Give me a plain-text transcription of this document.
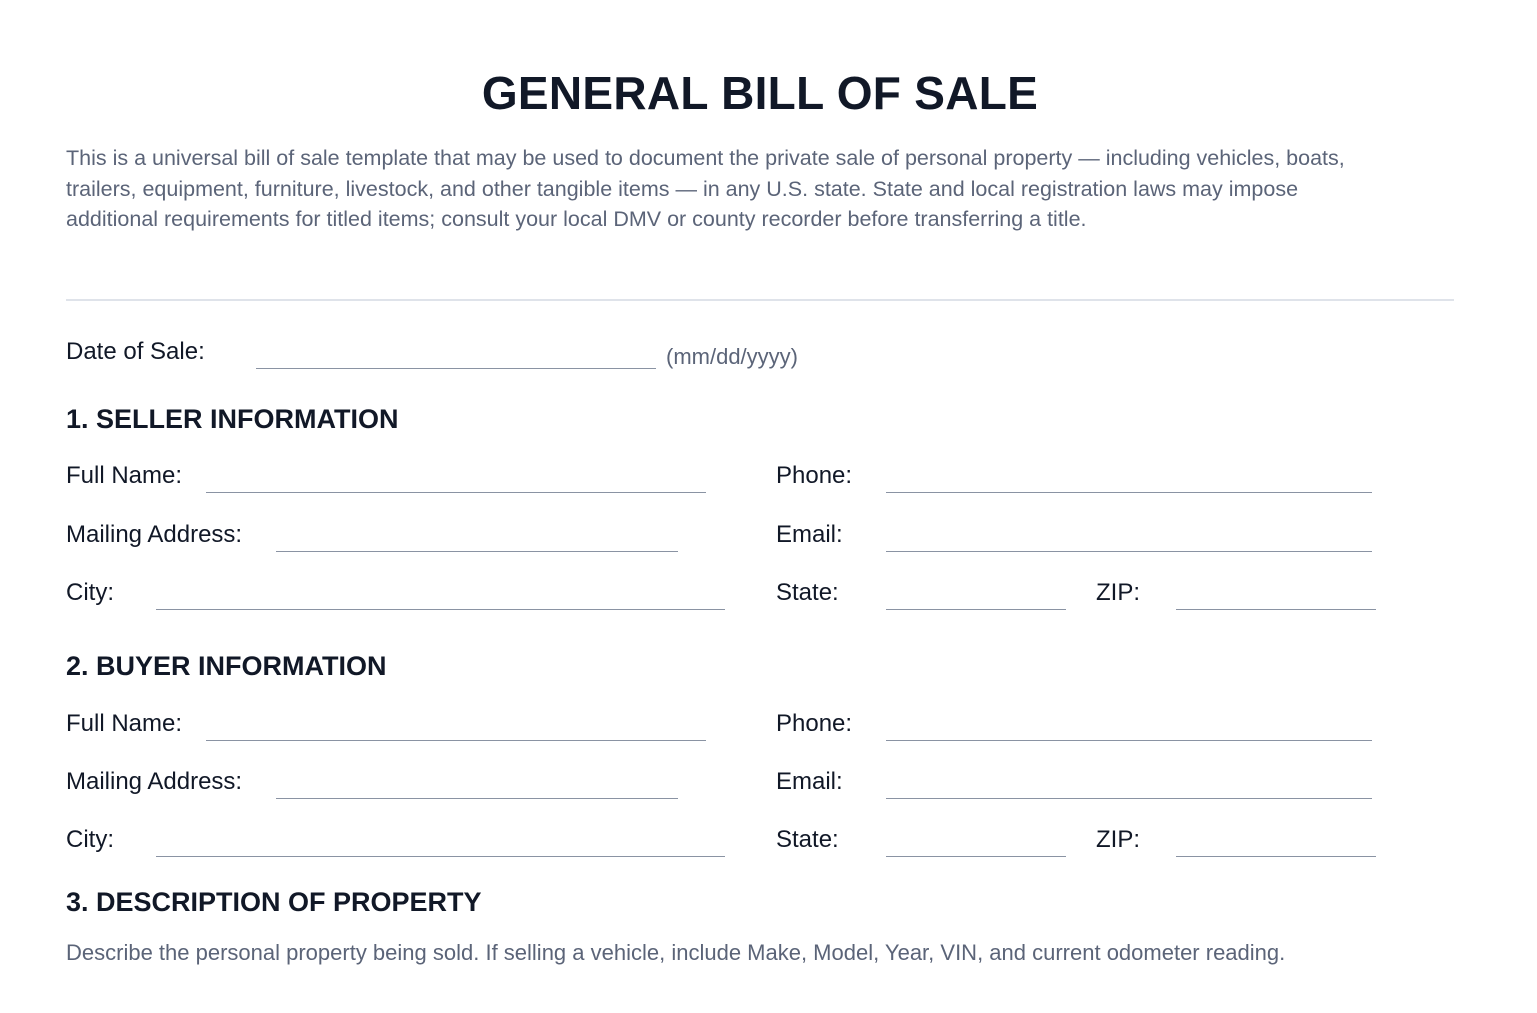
GENERAL BILL OF SALE
This is a universal bill of sale template that may be used to document the private sale of personal property — including vehicles, boats, trailers, equipment, furniture, livestock, and other tangible items — in any U.S. state. State and local registration laws may impose additional requirements for titled items; consult your local DMV or county recorder before transferring a title.
Date of Sale:	(mm/dd/yyyy)
1. SELLER INFORMATION
Full Name:	Phone:
Mailing Address:	Email:
City:	State:	ZIP:
2. BUYER INFORMATION
Full Name:	Phone:
Mailing Address:	Email:
City:	State:	ZIP:
3. DESCRIPTION OF PROPERTY
Describe the personal property being sold. If selling a vehicle, include Make, Model, Year, VIN, and current odometer reading.
